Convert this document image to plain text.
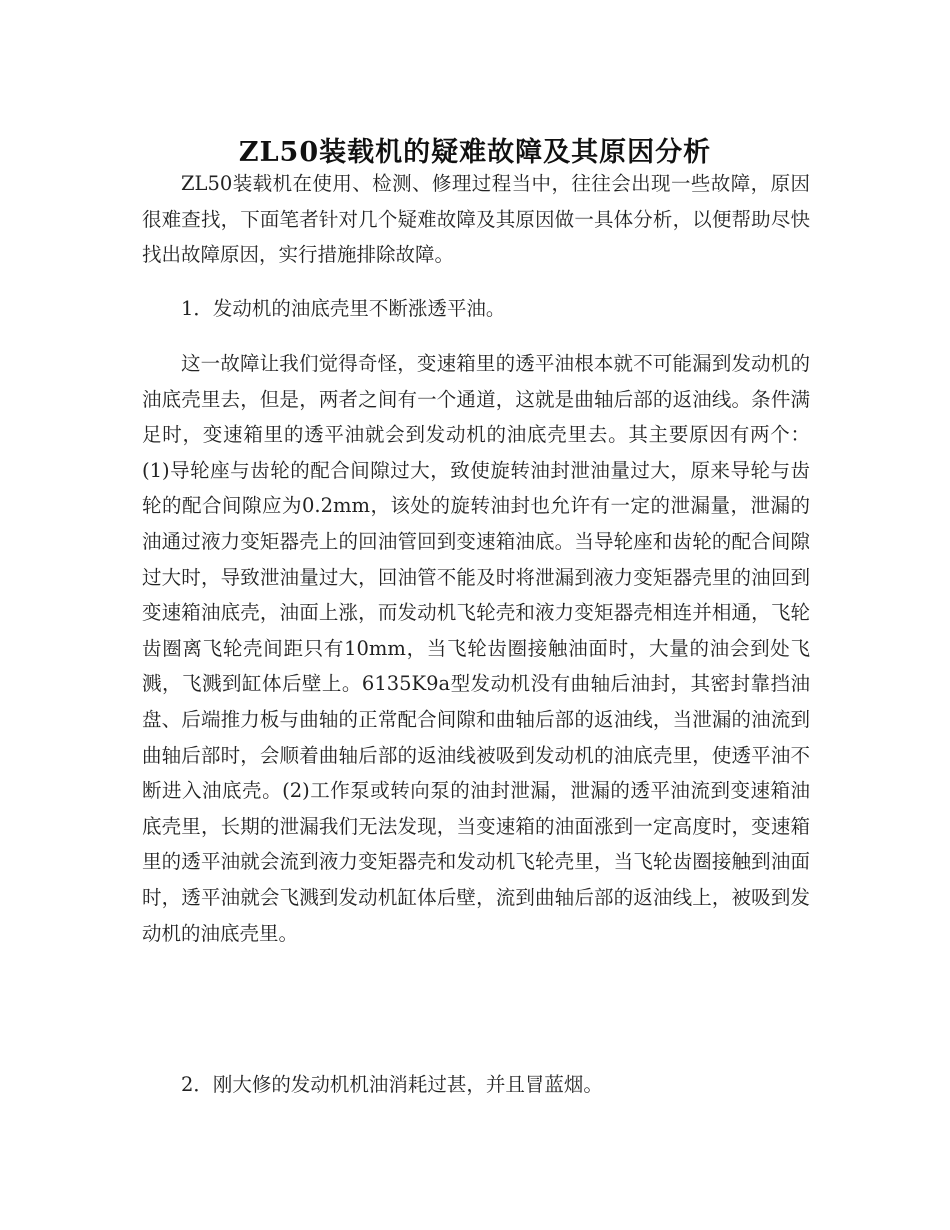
ZL50装载机的疑难故障及其原因分析

ZL50装载机在使用、检测、修理过程当中，往往会出现一些故障，原因很难查找，下面笔者针对几个疑难故障及其原因做一具体分析，以便帮助尽快找出故障原因，实行措施排除故障。

1．发动机的油底壳里不断涨透平油。

这一故障让我们觉得奇怪，变速箱里的透平油根本就不可能漏到发动机的油底壳里去，但是，两者之间有一个通道，这就是曲轴后部的返油线。条件满足时，变速箱里的透平油就会到发动机的油底壳里去。其主要原因有两个：(1)导轮座与齿轮的配合间隙过大，致使旋转油封泄油量过大，原来导轮与齿轮的配合间隙应为0.2mm，该处的旋转油封也允许有一定的泄漏量，泄漏的油通过液力变矩器壳上的回油管回到变速箱油底。当导轮座和齿轮的配合间隙过大时，导致泄油量过大，回油管不能及时将泄漏到液力变矩器壳里的油回到变速箱油底壳，油面上涨，而发动机飞轮壳和液力变矩器壳相连并相通，飞轮齿圈离飞轮壳间距只有10mm，当飞轮齿圈接触油面时，大量的油会到处飞溅，飞溅到缸体后壁上。6135K9a型发动机没有曲轴后油封，其密封靠挡油盘、后端推力板与曲轴的正常配合间隙和曲轴后部的返油线，当泄漏的油流到曲轴后部时，会顺着曲轴后部的返油线被吸到发动机的油底壳里，使透平油不断进入油底壳。(2)工作泵或转向泵的油封泄漏，泄漏的透平油流到变速箱油底壳里，长期的泄漏我们无法发现，当变速箱的油面涨到一定高度时，变速箱里的透平油就会流到液力变矩器壳和发动机飞轮壳里，当飞轮齿圈接触到油面时，透平油就会飞溅到发动机缸体后壁，流到曲轴后部的返油线上，被吸到发动机的油底壳里。

2．刚大修的发动机机油消耗过甚，并且冒蓝烟。
